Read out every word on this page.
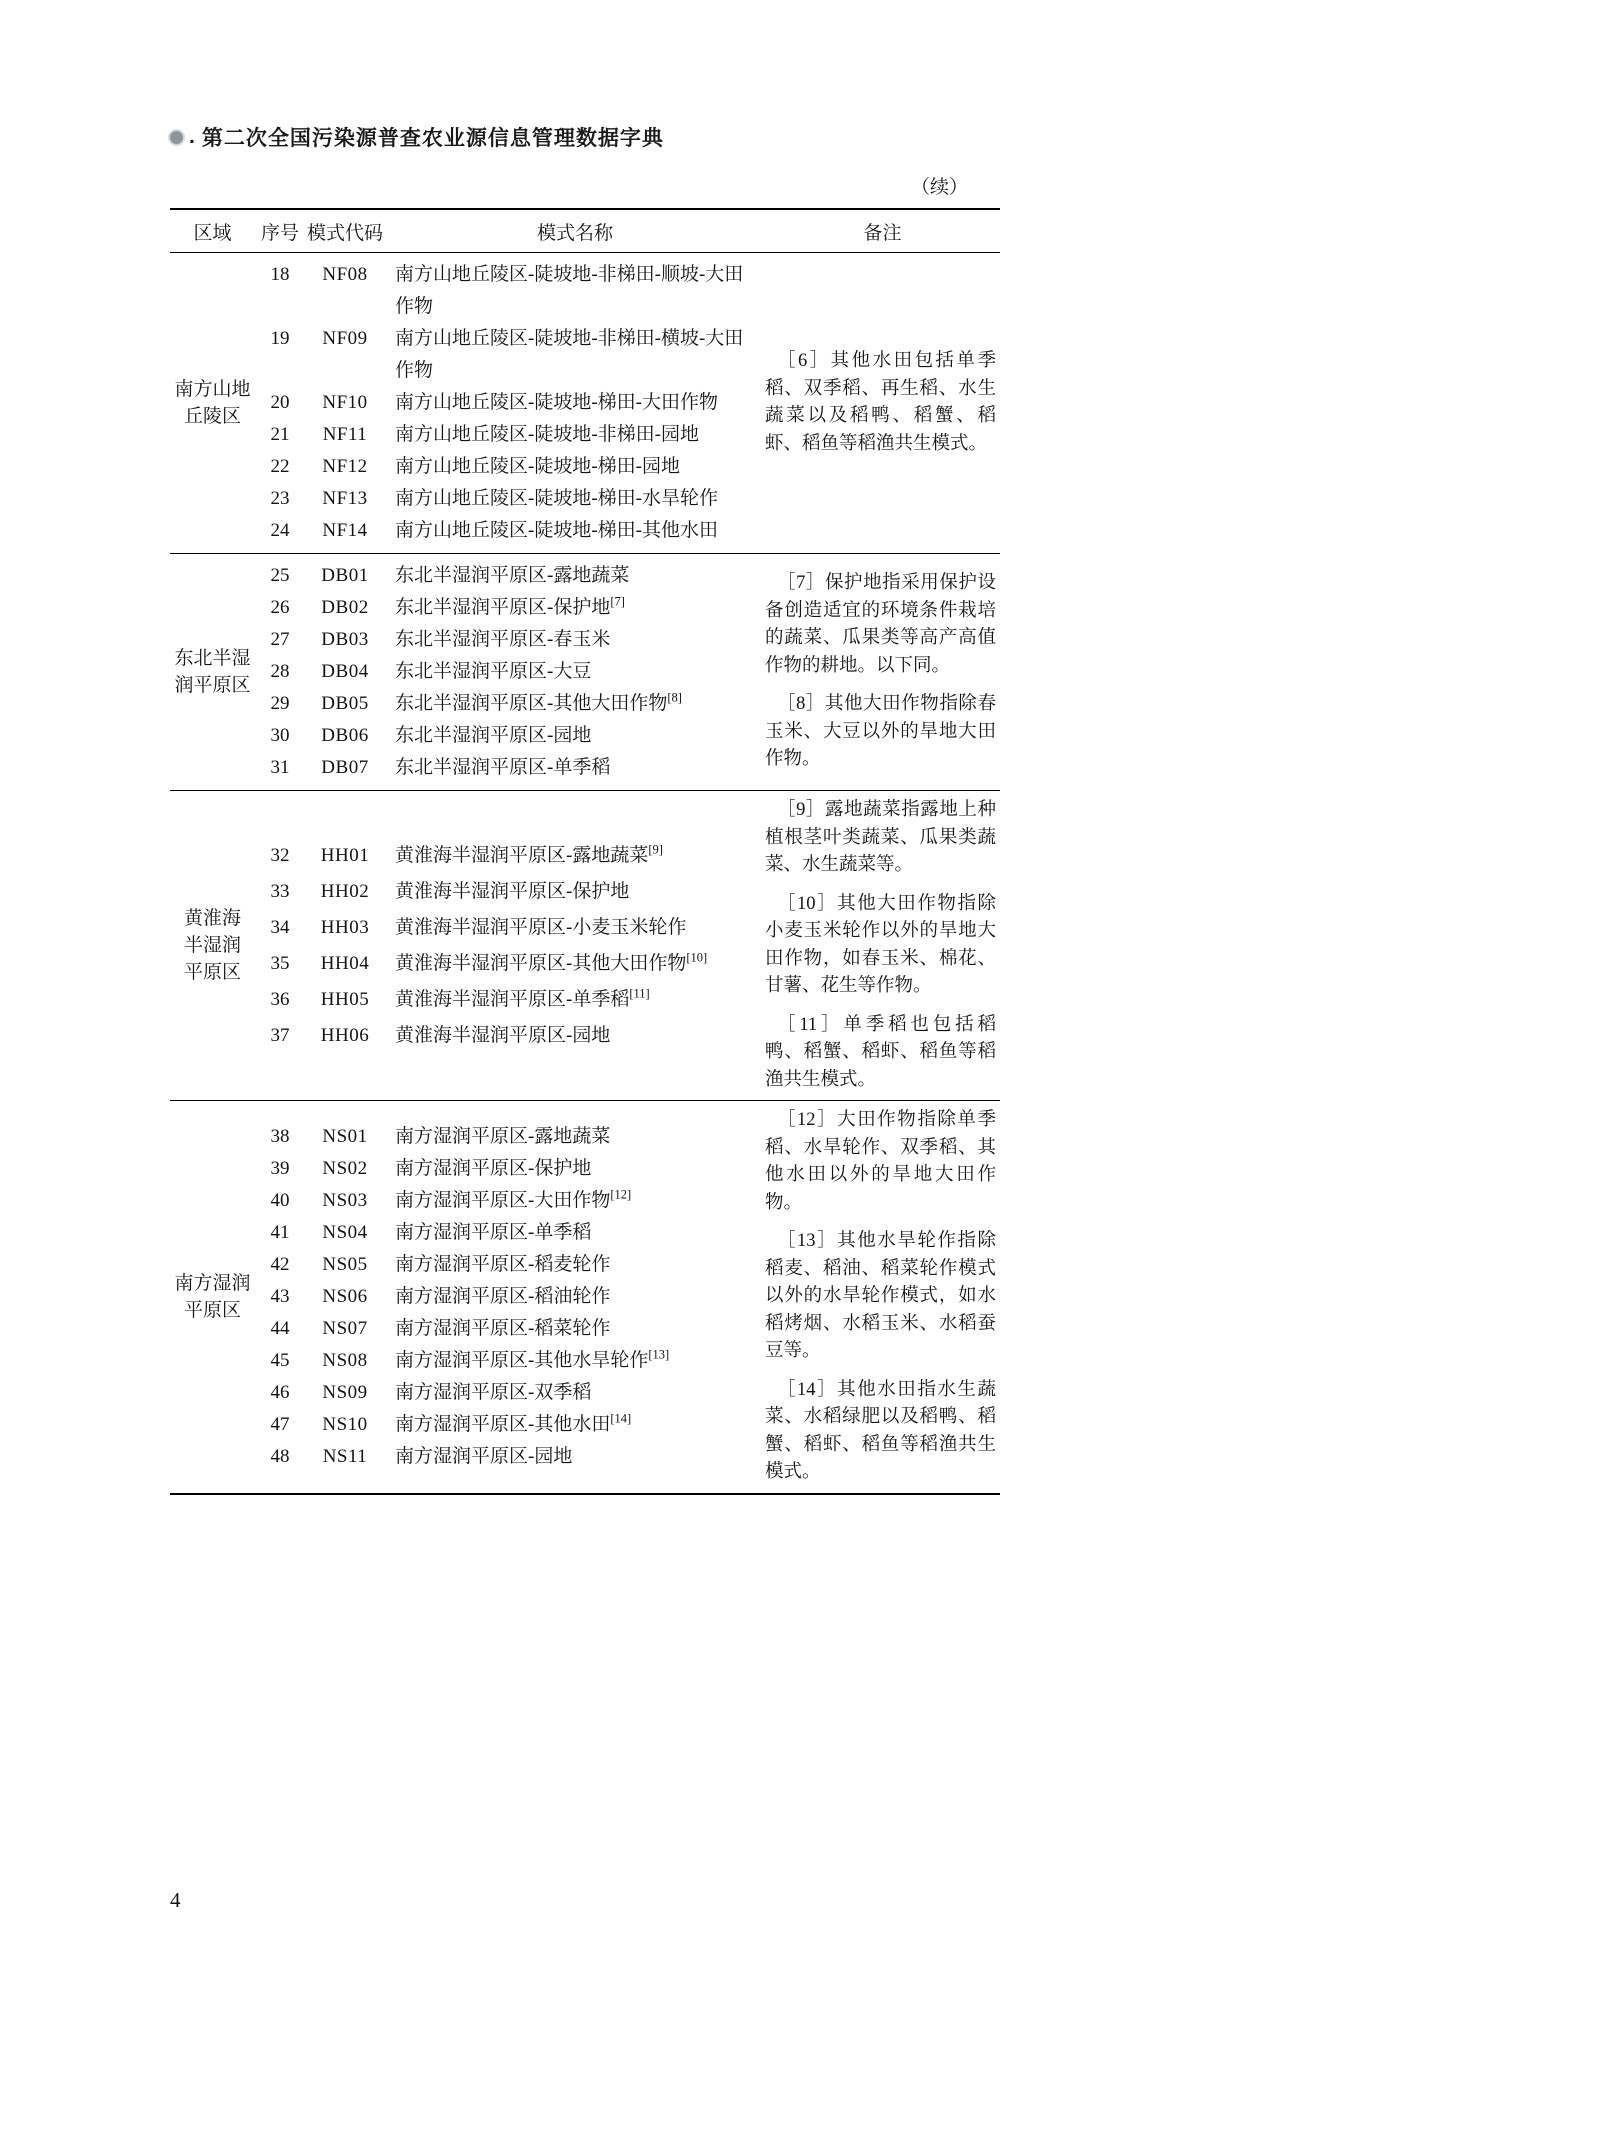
. 第二次全国污染源普查农业源信息管理数据字典
（续）
区域	序号 模式代码	模式名称	备注
南方山地
丘陵区
18	NF08	南方山地丘陵区-陡坡地-非梯田-顺坡-大田作物
19	NF09	南方山地丘陵区-陡坡地-非梯田-横坡-大田作物
20	NF10	南方山地丘陵区-陡坡地-梯田-大田作物
21	NF11	南方山地丘陵区-陡坡地-非梯田-园地
22	NF12	南方山地丘陵区-陡坡地-梯田-园地
23	NF13	南方山地丘陵区-陡坡地-梯田-水旱轮作
24	NF14	南方山地丘陵区-陡坡地-梯田-其他水田
［6］其他水田包括单季稻、双季稻、再生稻、水生蔬菜以及稻鸭、稻蟹、稻虾、稻鱼等稻渔共生模式。
东北半湿
润平原区
25	DB01	东北半湿润平原区-露地蔬菜
26	DB02	东北半湿润平原区-保护地[7]
27	DB03	东北半湿润平原区-春玉米
28	DB04	东北半湿润平原区-大豆
29	DB05	东北半湿润平原区-其他大田作物[8]
30	DB06	东北半湿润平原区-园地
31	DB07	东北半湿润平原区-单季稻
［7］保护地指采用保护设备创造适宜的环境条件栽培的蔬菜、瓜果类等高产高值作物的耕地。以下同。
［8］其他大田作物指除春玉米、大豆以外的旱地大田作物。
黄淮海
半湿润
平原区
32	HH01	黄淮海半湿润平原区-露地蔬菜[9]
33	HH02	黄淮海半湿润平原区-保护地
34	HH03	黄淮海半湿润平原区-小麦玉米轮作
35	HH04	黄淮海半湿润平原区-其他大田作物[10]
36	HH05	黄淮海半湿润平原区-单季稻[11]
37	HH06	黄淮海半湿润平原区-园地
［9］露地蔬菜指露地上种植根茎叶类蔬菜、瓜果类蔬菜、水生蔬菜等。
［10］其他大田作物指除小麦玉米轮作以外的旱地大田作物，如春玉米、棉花、甘薯、花生等作物。
［11］单季稻也包括稻鸭、稻蟹、稻虾、稻鱼等稻渔共生模式。
南方湿润
平原区
38	NS01	南方湿润平原区-露地蔬菜
39	NS02	南方湿润平原区-保护地
40	NS03	南方湿润平原区-大田作物[12]
41	NS04	南方湿润平原区-单季稻
42	NS05	南方湿润平原区-稻麦轮作
43	NS06	南方湿润平原区-稻油轮作
44	NS07	南方湿润平原区-稻菜轮作
45	NS08	南方湿润平原区-其他水旱轮作[13]
46	NS09	南方湿润平原区-双季稻
47	NS10	南方湿润平原区-其他水田[14]
48	NS11	南方湿润平原区-园地
［12］大田作物指除单季稻、水旱轮作、双季稻、其他水田以外的旱地大田作物。
［13］其他水旱轮作指除稻麦、稻油、稻菜轮作模式以外的水旱轮作模式，如水稻烤烟、水稻玉米、水稻蚕豆等。
［14］其他水田指水生蔬菜、水稻绿肥以及稻鸭、稻蟹、稻虾、稻鱼等稻渔共生模式。
4
